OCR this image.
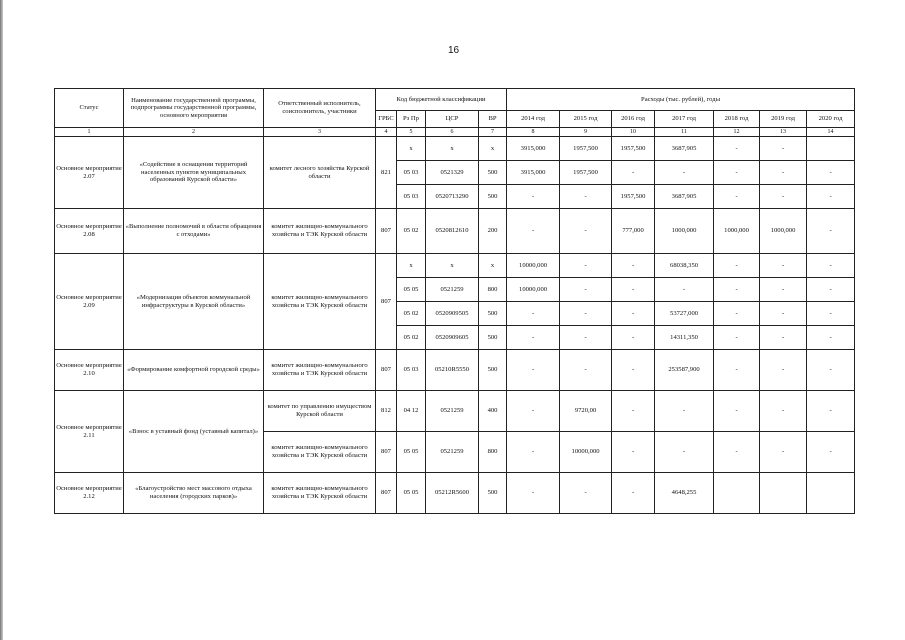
16
Статус	Наименование государственной программы, подпрограммы государственной программы, основного мероприятия	Ответственный исполнитель, соисполнитель, участники	Код бюджетной классификации				Расходы (тыс. рублей), годы						
			ГРБС	Рз Пр	ЦСР	ВР	2014 год	2015 год	2016 год	2017 год	2018 год	2019 год	2020 год
1	2	3	4	5	6	7	8	9	10	11	12	13	14
Основное мероприятие 2.07	«Содействие в оснащении территорий населенных пунктов муниципальных образований Курской области»	комитет лесного хозяйства Курской области	821	x	x	x	3915,000	1957,500	1957,500	3687,905	-	-	
				05 03	0521329	500	3915,000	1957,500	-	-	-	-	-
				05 03	0520713290	500	-	-	1957,500	3687,905	-	-	-
Основное мероприятие 2.08	«Выполнение полномочий в области обращения с отходами»	комитет жилищно-коммунального хозяйства и ТЭК Курской области	807	05 02	0520812610	200	-	-	777,000	1000,000	1000,000	1000,000	-
Основное мероприятие 2.09	«Модернизация объектов коммунальной инфраструктуры в Курской области»	комитет жилищно-коммунального хозяйства и ТЭК Курской области	807	x	x	x	10000,000	-	-	68038,350	-	-	-
				05 05	0521259	800	10000,000	-	-	-	-	-	-
				05 02	0520909505	500	-	-	-	53727,000	-	-	-
				05 02	0520909605	500	-	-	-	14311,350	-	-	-
Основное мероприятие 2.10	«Формирование комфортной городской среды»	комитет жилищно-коммунального хозяйства и ТЭК Курской области	807	05 03	05210R5550	500	-	-	-	253587,900	-	-	-
Основное мероприятие 2.11	«Взнос в уставный фонд (уставный капитал)»	комитет по управлению имуществом Курской области	812	04 12	0521259	400	-	9720,00	-	-	-	-	-
		комитет жилищно-коммунального хозяйства и ТЭК Курской области	807	05 05	0521259	800	-	10000,000	-	-	-	-	-
Основное мероприятие 2.12	«Благоустройство мест массового отдыха населения (городских парков)»	комитет жилищно-коммунального хозяйства и ТЭК Курской области	807	05 05	05212R5600	500	-	-	-	4648,255			
